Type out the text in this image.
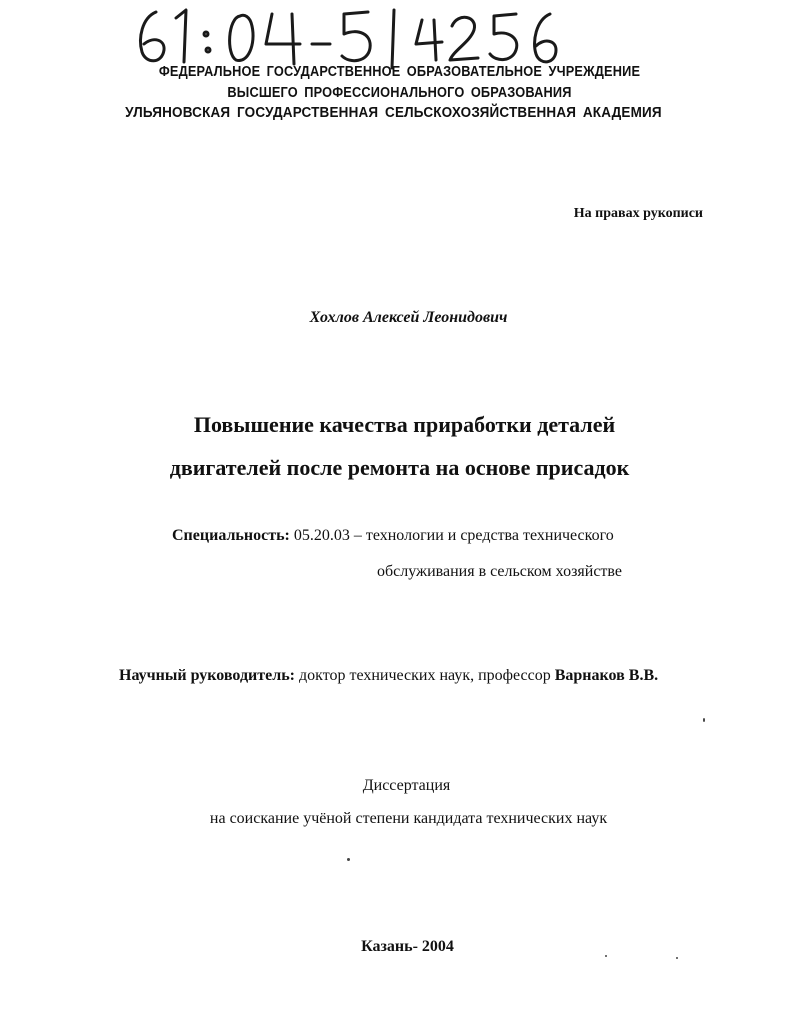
ФЕДЕРАЛЬНОЕ ГОСУДАРСТВЕННОЕ ОБРАЗОВАТЕЛЬНОЕ УЧРЕЖДЕНИЕ
ВЫСШЕГО ПРОФЕССИОНАЛЬНОГО ОБРАЗОВАНИЯ
УЛЬЯНОВСКАЯ ГОСУДАРСТВЕННАЯ СЕЛЬСКОХОЗЯЙСТВЕННАЯ АКАДЕМИЯ
На правах рукописи
Хохлов Алексей Леонидович
Повышение качества приработки деталей
двигателей после ремонта на основе присадок
Специальность: 05.20.03 – технологии и средства технического
обслуживания в сельском хозяйстве
Научный руководитель: доктор технических наук, профессор Варнаков В.В.
Диссертация
на соискание учёной степени кандидата технических наук
Казань- 2004
